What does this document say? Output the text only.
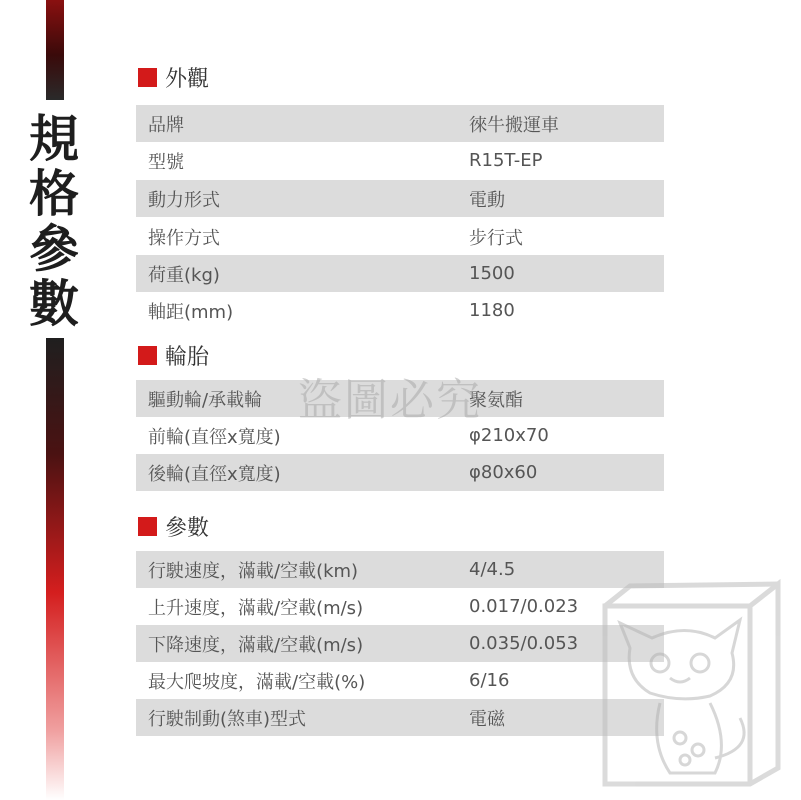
規
格
參
數
外觀
品牌	徠牛搬運車
型號	R15T-EP
動力形式	電動
操作方式	步行式
荷重(kg)	1500
軸距(mm)	1180
輪胎
驅動輪/承載輪	聚氨酯
前輪(直徑x寬度)	φ210x70
後輪(直徑x寬度)	φ80x60
參數
行駛速度，滿載/空載(km)	4/4.5
上升速度，滿載/空載(m/s)	0.017/0.023
下降速度，滿載/空載(m/s)	0.035/0.053
最大爬坡度，滿載/空載(%)	6/16
行駛制動(煞車)型式	電磁
盜圖必究
